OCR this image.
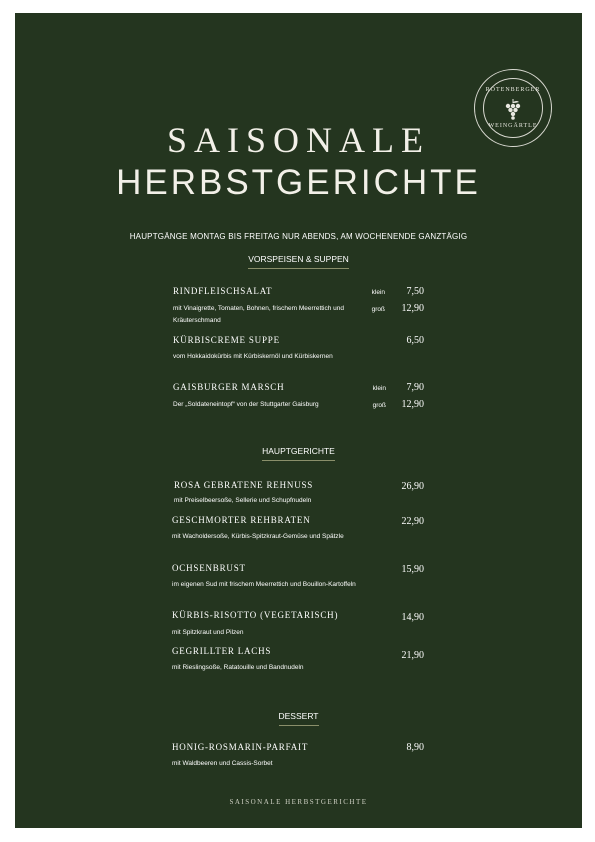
ROTENBERGER
WEINGÄRTLE
SAISONALE
HERBSTGERICHTE
HAUPTGÄNGE MONTAG BIS FREITAG NUR ABENDS, AM WOCHENENDE GANZTÄGIG
VORSPEISEN & SUPPEN
RINDFLEISCHSALAT
mit Vinaigrette, Tomaten, Bohnen, frischem Meerrettich und Kräuterschmand
klein
groß
7,50
12,90
KÜRBISCREME SUPPE
vom Hokkaidokürbis mit Kürbiskernöl und Kürbiskernen
6,50
GAISBURGER MARSCH
Der „Soldateneintopf“ von der Stuttgarter Gaisburg
klein
groß
7,90
12,90
HAUPTGERICHTE
ROSA GEBRATENE REHNUSS
mit Preiselbeersoße, Sellerie und Schupfnudeln
26,90
GESCHMORTER REHBRATEN
mit Wacholdersoße, Kürbis-Spitzkraut-Gemüse und Spätzle
22,90
OCHSENBRUST
im eigenen Sud mit frischem Meerrettich und Bouillon-Kartoffeln
15,90
KÜRBIS-RISOTTO (VEGETARISCH)
mit Spitzkraut und Pilzen
14,90
GEGRILLTER LACHS
mit Rieslingsoße, Ratatouille und Bandnudeln
21,90
DESSERT
HONIG-ROSMARIN-PARFAIT
mit Waldbeeren und Cassis-Sorbet
8,90
SAISONALE HERBSTGERICHTE
